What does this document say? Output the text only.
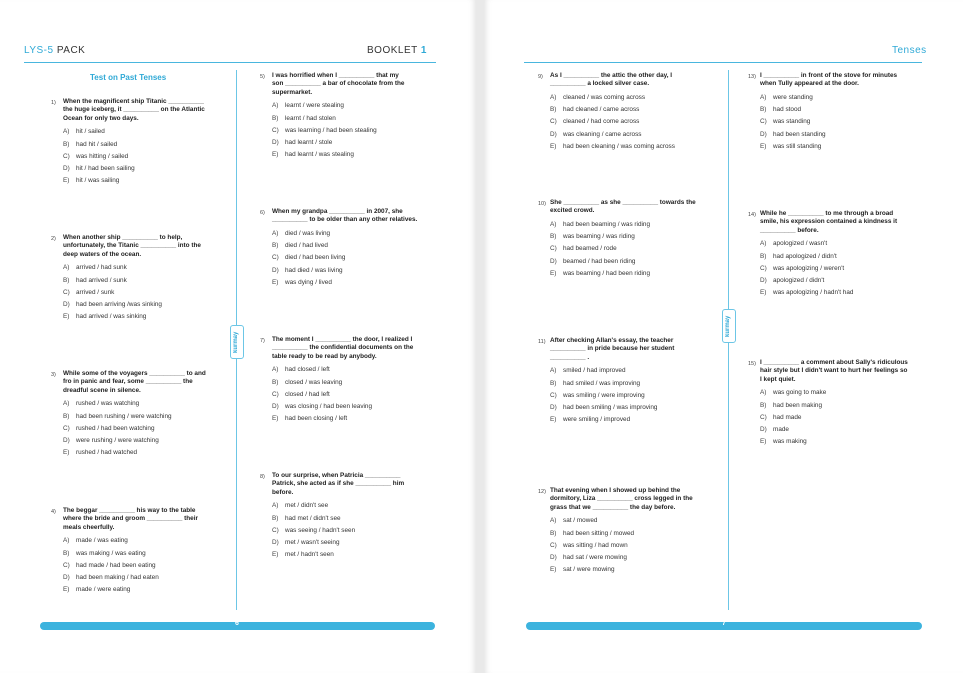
LYS-5 PACK	BOOKLET 1
Test on Past Tenses
kurmay
1) When the magnificent ship Titanic __________
the huge iceberg, it __________ on the Atlantic
Ocean for only two days.
A) hit / sailed
B) had hit / sailed
C) was hitting / sailed
D) hit / had been sailing
E) hit / was sailing
2) When another ship __________ to help,
unfortunately, the Titanic __________ into the
deep waters of the ocean.
A) arrived / had sunk
B) had arrived / sunk
C) arrived / sunk
D) had been arriving /was sinking
E) had arrived / was sinking
3) While some of the voyagers __________ to and
fro in panic and fear, some __________ the
dreadful scene in silence.
A) rushed / was watching
B) had been rushing / were watching
C) rushed / had been watching
D) were rushing / were watching
E) rushed / had watched
4) The beggar __________ his way to the table
where the bride and groom __________ their
meals cheerfully.
A) made / was eating
B) was making / was eating
C) had made / had been eating
D) had been making / had eaten
E) made / were eating
5) I was horrified when I __________ that my
son __________ a bar of chocolate from the
supermarket.
A) learnt / were stealing
B) learnt / had stolen
C) was learning / had been stealing
D) had learnt / stole
E) had learnt / was stealing
6) When my grandpa __________ in 2007, she
__________ to be older than any other relatives.
A) died / was living
B) died / had lived
C) died / had been living
D) had died / was living
E) was dying / lived
7) The moment I __________ the door, I realized I
__________ the confidential documents on the
table ready to be read by anybody.
A) had closed / left
B) closed / was leaving
C) closed / had left
D) was closing / had been leaving
E) had been closing / left
8) To our surprise, when Patricia __________
Patrick, she acted as if she __________ him
before.
A) met / didn't see
B) had met / didn't see
C) was seeing / hadn't seen
D) met / wasn't seeing
E) met / hadn't seen
6
Tenses
kurmay
9) As I __________ the attic the other day, I
__________ a locked silver case.
A) cleaned / was coming across
B) had cleaned / came across
C) cleaned / had come across
D) was cleaning / came across
E) had been cleaning / was coming across
10) She __________ as she __________ towards the
excited crowd.
A) had been beaming / was riding
B) was beaming / was riding
C) had beamed / rode
D) beamed / had been riding
E) was beaming / had been riding
11) After checking Allan's essay, the teacher
__________ in pride because her student
__________ .
A) smiled / had improved
B) had smiled / was improving
C) was smiling / were improving
D) had been smiling / was improving
E) were smiling / improved
12) That evening when I showed up behind the
dormitory, Liza __________ cross legged in the
grass that we __________ the day before.
A) sat / mowed
B) had been sitting / mowed
C) was sitting / had mown
D) had sat / were mowing
E) sat / were mowing
13) I __________ in front of the stove for minutes
when Tully appeared at the door.
A) were standing
B) had stood
C) was standing
D) had been standing
E) was still standing
14) While he __________ to me through a broad
smile, his expression contained a kindness it
__________ before.
A) apologized / wasn't
B) had apologized / didn't
C) was apologizing / weren't
D) apologized / didn't
E) was apologizing / hadn't had
15) I __________ a comment about Sally's ridiculous
hair style but I didn't want to hurt her feelings so
I kept quiet.
A) was going to make
B) had been making
C) had made
D) made
E) was making
7
